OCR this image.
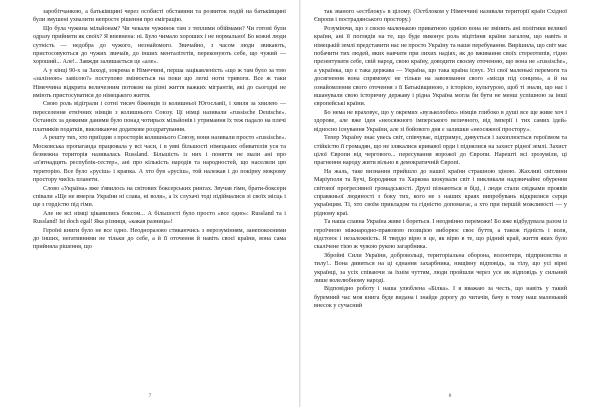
заробітчанкою, а батьківщині через особисті обставини та розвиток подій на батьківщині були змушені ухвалити непросте рішення про еміграцію.

Що була чужина мільйонам? Чи чекали чужинок там з теплими обіймами? Чи готові були одразу прийняти як своїх? Я впевнена: ні. Було чимало хороших і не нормально! Бо кожні люди сутність — недобра до чужого, незнайомого. Звичайно, з часом люди звикають, пристосовуються до чужих звичаїв, до інших менталітетів, переконують себе, що чужий — хороший... Але!.. Завжди залишається це «але».

А у кінці 90-х за Заході, зокрема в Німеччині, перша зацікавленість «що ж там було за тою «залізною» завісою?» поступово змінюється на поки що легкі ноти тривоги. Все ж таки Німеччина відкрита величезним потоком на різні життя важких мігрантів, які до сьогодні не вміють пристосуватися до німецького життя.

Свою роль відіграли і сотні тисяч біженців із колишньої Югославії, і хвиля за хвилею — переселення етнічних німців з колишнього Союзу. Ці німці називали «russische Deutsche». Останніх за деякими даними було понад чотирьох мільйонів і утримання їх теж падало на плечі платників податків, викликаючи додаткове роздратування.

А решту тих, хто приїздив з просторів колишнього Союзу, вони називали просто «russische». Московська пропаганда працювала у всі часи, і в уяві більшості німецьких обивателів уся та безмежна територія називалась Russland. Більшість із них і поняття не мали ані про «п'ятнадцять республік-сестер», ані про кількість народів та народностей, що населяли цю територію. Все було «русіш» і крапка. А хто був «русіш», той належав і до покірну мокрому простору чиєїсь планети.

Слово «Україна» вже з'явилось на світових боксерських рингах. Звучав гімн, брати-боксери співали «Ще не вмерла України ні слава, ні воля», а їх слухачі тоді підіймалися зі своїх місць і ще з гордістю під гімн.

Але не всі німці цікавились боксом... А більшості було просто «все одно»: Russland та і Russland! Ist doch egal! Яка різниця, «какая разница»!

Героїні книги було не все одно. Неодноразово стикаючись з нерозумінням, занепокоєними до інших, негативними не тільки до себе, а й її оточення й навіть своєї країни, вона сама прийняла рішення, що

7

так званого «естблоку» в цілому. (Остблоком у Німеччині називали території країн Східної Європи і пострадянського простору.)

Розуміючи, що з своєю маленькою приватною однією вона не змінить ані політики великої країни, ані її поглядів на те, що буде виконує роль віцітіння країни загалом, що навіть в німецькій землі представити нас не просто Україну та наше перебування. Вирішила, що світ має побачити тих людей, яких навчати при лихих надіях, як до вживання своїх стереотипів, гідно презентувати себе, свій народ, свою країну, доводити своєму оточенню, що вона не «russische», а українка, що є така держава — Україна, що така країна існує. Усі свої маленькі перемоги та досягнення вона спрямовує не тільки на завоювання свого «місця під сонцем», а й на ознайомлення свого оточення з її Батьківщиною, з історією, культурою, щоб ті знали, що нас і вшанували свою історичну державу і рідна Україна могла би бути не менш успішною за інші європейські країни.

Бо нема не враховує, що у окремих «вузьколобих» німців глибоко в душі все ще живе хоч і здорове, але вже ідея «неосяжного імперського величного, від імперії і тих самих ідей» відносно існування України, але зі бойового дня є залишки «неосяжної простору».

Тепер Україну знає увесь світ, співчуває, підтримує, дивується і захоплюється героїзмом та стійкістю її громадян, що не злякалися кривавої орди і піднялися на захист рідної землі. Захист цілої Європи від чергового... пересування ворожої до Європи. Нарешті всі зрозуміли, ці прагнення народу жити вільно в демократичній Європі.

На жаль, таке визнання прийшло до нашої країни страшною ціною. Жахливі світлини Маріуполя та Бучі, Бородянки та Харкова шокували світ і викликали надзвичайне обурення світової прогресивної громадськості. Друзі пізнаються в біді, і люди стали свідками проявів справжньої людяності з боку тих, кого не з наших краях випробувань відкрилися серця українцям. Ті, хто своїм прикладом та гідністю допомагає, а хто при першій можливості — у рідному краї.

Та наша славна Україна живе і бореться. І неодмінно переможе! Бо вже відбудувала разом із героїчною міжнародно-правовою позицією виборює своє буття, а також гідність і воля, відстоює і незалежність. Я твердо вірю в це, як вірю в те, що рідний край, життя яких було скалічене тією ж чужою рукою загарбника.

Збройні Сили України, добровольці, територіальна оборона, волонтери, підприємства в тилу!.. Вона дивиться на ці єднання захарбника, нищівну відповідь, за тілу, що усі вірні українці, за усіх співаючи за їхнім чуттям, люди пройшли через усе як відповідь у сильний лише волелюбному народі.

Відповідно роботу і наша улюблена «Білка». І я вважаю за честь, що навіть у такий буремний час моя книга буде видана і знайде дорогу до читачів, бачу в тому наш маленький внесок у сучасний

8
